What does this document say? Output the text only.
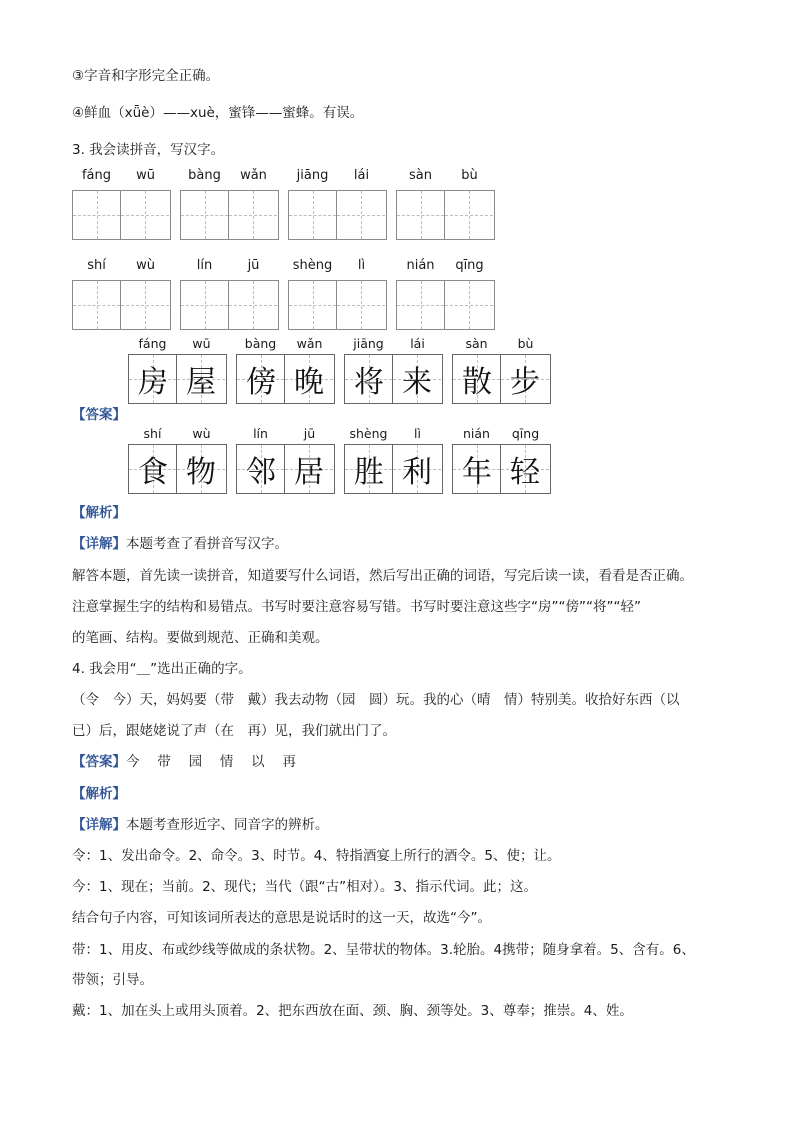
③字音和字形完全正确。
④鲜血（xǖè）——xuè，蜜锋——蜜蜂。有误。
3. 我会读拼音，写汉字。
fáng	wū	bàng	wǎn	jiāng	lái	sàn	bù
shí	wù	lín	jū	shèng	lì	nián	qīng
【答案】
fáng	wū
房 屋
bàng	wǎn
傍 晚
jiāng	lái
将 来
sàn	bù
散 步
shí	wù
食 物
lín	jū
邻 居
shèng	lì
胜 利
nián	qīng
年 轻
【解析】
【详解】本题考查了看拼音写汉字。
解答本题，首先读一读拼音，知道要写什么词语，然后写出正确的词语，写完后读一读，看看是否正确。
注意掌握生字的结构和易错点。书写时要注意容易写错。书写时要注意这些字“房”“傍”“将”“轻”
的笔画、结构。要做到规范、正确和美观。
4. 我会用“＿”选出正确的字。
（令　今）天，妈妈要（带　戴）我去动物（园　圆）玩。我的心（晴　情）特别美。收拾好东西（以
已）后，跟姥姥说了声（在　再）见，我们就出门了。
【答案】今　 带　 园　 情　 以　 再
【解析】
【详解】本题考查形近字、同音字的辨析。
令：1、发出命令。2、命令。3、时节。4、特指酒宴上所行的酒令。5、使；让。
今：1、现在；当前。2、现代；当代（跟“古”相对）。3、指示代词。此；这。
结合句子内容，可知该词所表达的意思是说话时的这一天，故选“今”。
带：1、用皮、布或纱线等做成的条状物。2、呈带状的物体。3.轮胎。4携带；随身拿着。5、含有。6、
带领；引导。
戴：1、加在头上或用头顶着。2、把东西放在面、颈、胸、颈等处。3、尊奉；推崇。4、姓。
